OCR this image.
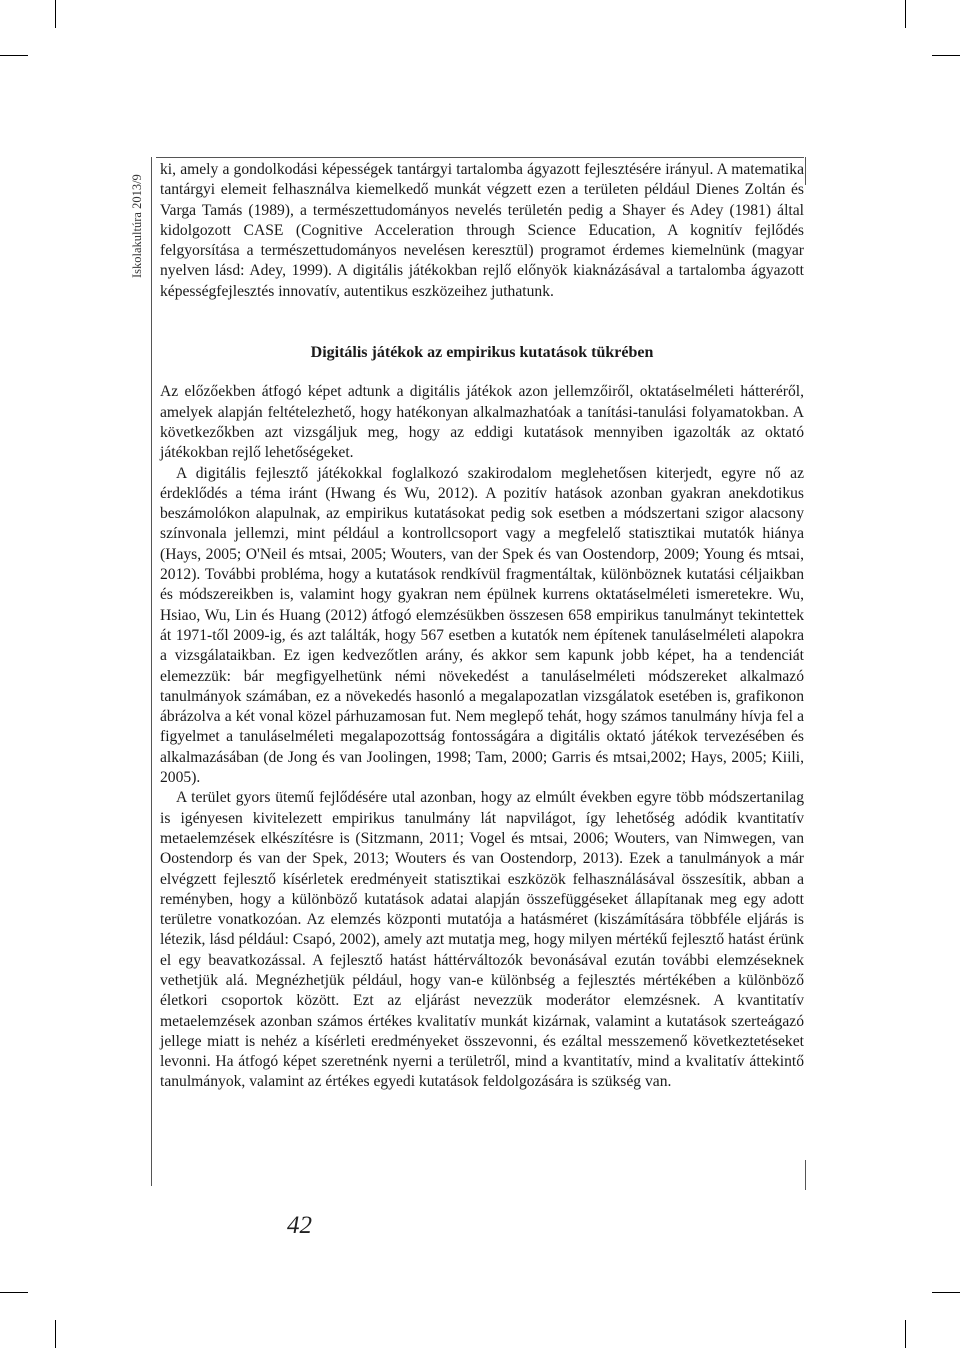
Iskolakultúra 2013/9

ki, amely a gondolkodási képességek tantárgyi tartalomba ágyazott fejlesztésére irányul. A matematika tantárgyi elemeit felhasználva kiemelkedő munkát végzett ezen a területen például Dienes Zoltán és Varga Tamás (1989), a természettudományos nevelés területén pedig a Shayer és Adey (1981) által kidolgozott CASE (Cognitive Acceleration through Science Education, A kognitív fejlődés felgyorsítása a természettudományos nevelésen keresztül) programot érdemes kiemelnünk (magyar nyelven lásd: Adey, 1999). A digitális játékokban rejlő előnyök kiaknázásával a tartalomba ágyazott képességfejlesztés innovatív, autentikus eszközeihez juthatunk.

Digitális játékok az empirikus kutatások tükrében

Az előzőekben átfogó képet adtunk a digitális játékok azon jellemzőiről, oktatáselméleti hátteréről, amelyek alapján feltételezhető, hogy hatékonyan alkalmazhatóak a tanítási-tanulási folyamatokban. A következőkben azt vizsgáljuk meg, hogy az eddigi kutatások mennyiben igazolták az oktató játékokban rejlő lehetőségeket.

A digitális fejlesztő játékokkal foglalkozó szakirodalom meglehetősen kiterjedt, egyre nő az érdeklődés a téma iránt (Hwang és Wu, 2012). A pozitív hatások azonban gyakran anekdotikus beszámolókon alapulnak, az empirikus kutatásokat pedig sok esetben a módszertani szigor alacsony színvonala jellemzi, mint például a kontrollcsoport vagy a megfelelő statisztikai mutatók hiánya (Hays, 2005; O'Neil és mtsai, 2005; Wouters, van der Spek és van Oostendorp, 2009; Young és mtsai, 2012). További probléma, hogy a kutatások rendkívül fragmentáltak, különböznek kutatási céljaikban és módszereikben is, valamint hogy gyakran nem épülnek kurrens oktatáselméleti ismeretekre. Wu, Hsiao, Wu, Lin és Huang (2012) átfogó elemzésükben összesen 658 empirikus tanulmányt tekintettek át 1971-től 2009-ig, és azt találták, hogy 567 esetben a kutatók nem építenek tanuláselméleti alapokra a vizsgálataikban. Ez igen kedvezőtlen arány, és akkor sem kapunk jobb képet, ha a tendenciát elemezzük: bár megfigyelhetünk némi növekedést a tanuláselméleti módszereket alkalmazó tanulmányok számában, ez a növekedés hasonló a megalapozatlan vizsgálatok esetében is, grafikonon ábrázolva a két vonal közel párhuzamosan fut. Nem meglepő tehát, hogy számos tanulmány hívja fel a figyelmet a tanuláselméleti megalapozottság fontosságára a digitális oktató játékok tervezésében és alkalmazásában (de Jong és van Joolingen, 1998; Tam, 2000; Garris és mtsai,2002; Hays, 2005; Kiili, 2005).

A terület gyors ütemű fejlődésére utal azonban, hogy az elmúlt években egyre több módszertanilag is igényesen kivitelezett empirikus tanulmány lát napvilágot, így lehetőség adódik kvantitatív metaelemzések elkészítésre is (Sitzmann, 2011; Vogel és mtsai, 2006; Wouters, van Nimwegen, van Oostendorp és van der Spek, 2013; Wouters és van Oostendorp, 2013). Ezek a tanulmányok a már elvégzett fejlesztő kísérletek eredményeit statisztikai eszközök felhasználásával összesítik, abban a reményben, hogy a különböző kutatások adatai alapján összefüggéseket állapítanak meg egy adott területre vonatkozóan. Az elemzés központi mutatója a hatásméret (kiszámítására többféle eljárás is létezik, lásd például: Csapó, 2002), amely azt mutatja meg, hogy milyen mértékű fejlesztő hatást érünk el egy beavatkozással. A fejlesztő hatást háttérváltozók bevonásával ezután további elemzéseknek vethetjük alá. Megnézhetjük például, hogy van-e különbség a fejlesztés mértékében a különböző életkori csoportok között. Ezt az eljárást nevezzük moderátor elemzésnek. A kvantitatív metaelemzések azonban számos értékes kvalitatív munkát kizárnak, valamint a kutatások szerteágazó jellege miatt is nehéz a kísérleti eredményeket összevonni, és ezáltal messzemenő következtetéseket levonni. Ha átfogó képet szeretnénk nyerni a területről, mind a kvantitatív, mind a kvalitatív áttekintő tanulmányok, valamint az értékes egyedi kutatások feldolgozására is szükség van.

42
